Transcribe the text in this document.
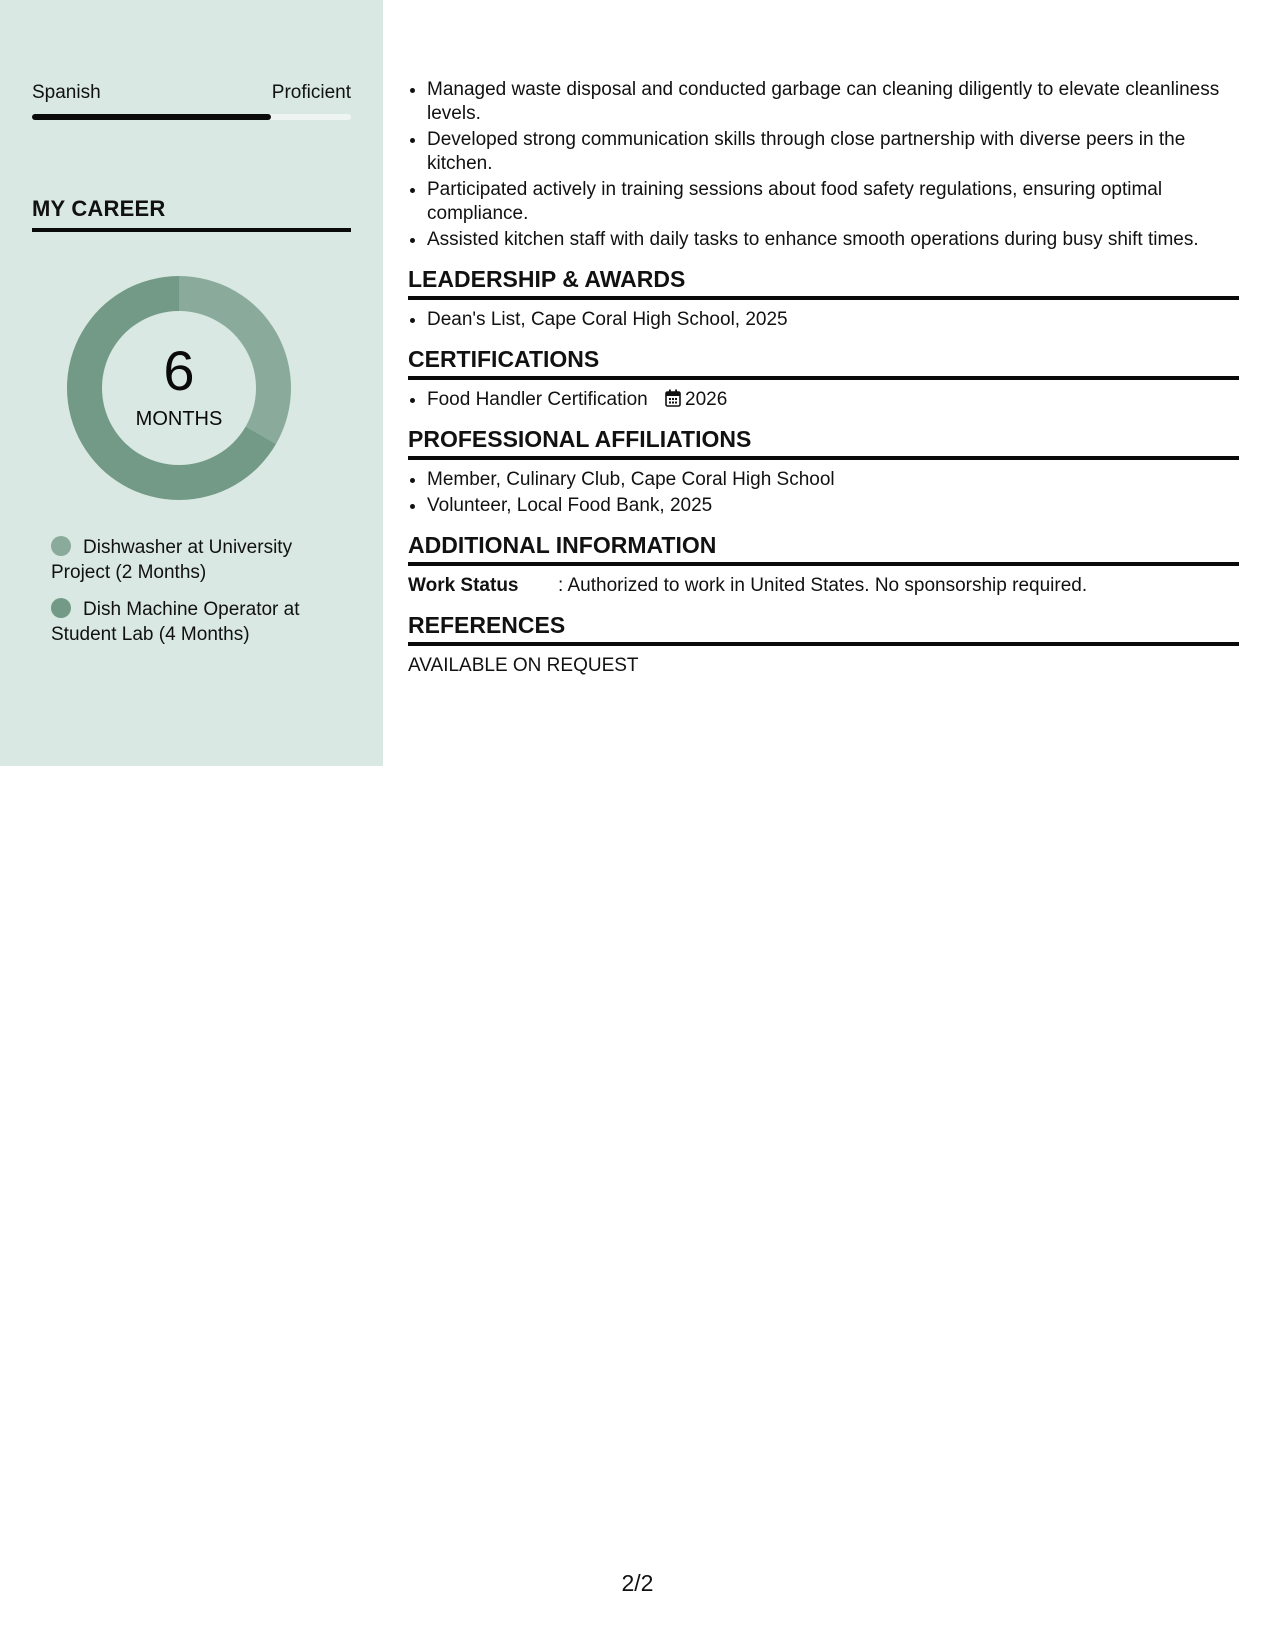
Spanish	Proficient
MY CAREER
6
MONTHS
Dishwasher at University Project (2 Months)
Dish Machine Operator at Student Lab (4 Months)
• Managed waste disposal and conducted garbage can cleaning diligently to elevate cleanliness levels.
• Developed strong communication skills through close partnership with diverse peers in the kitchen.
• Participated actively in training sessions about food safety regulations, ensuring optimal compliance.
• Assisted kitchen staff with daily tasks to enhance smooth operations during busy shift times.
LEADERSHIP & AWARDS
• Dean's List, Cape Coral High School, 2025
CERTIFICATIONS
• Food Handler Certification 2026
PROFESSIONAL AFFILIATIONS
• Member, Culinary Club, Cape Coral High School
• Volunteer, Local Food Bank, 2025
ADDITIONAL INFORMATION
Work Status	: Authorized to work in United States. No sponsorship required.
REFERENCES
AVAILABLE ON REQUEST
2/2
